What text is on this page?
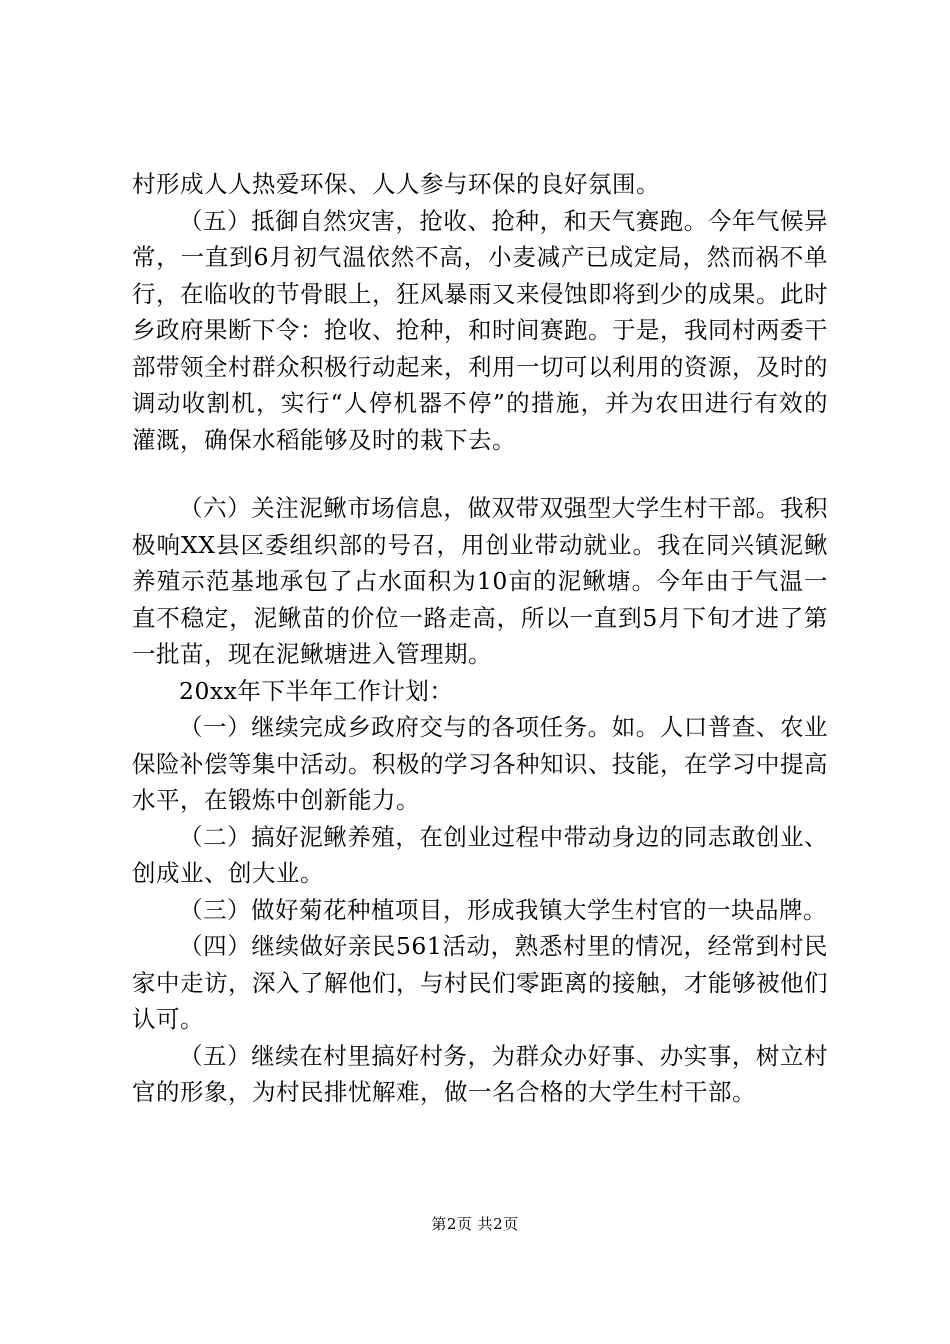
村形成人人热爱环保、人人参与环保的良好氛围。

（五）抵御自然灾害，抢收、抢种，和天气赛跑。今年气候异常，一直到6月初气温依然不高，小麦减产已成定局，然而祸不单行，在临收的节骨眼上，狂风暴雨又来侵蚀即将到少的成果。此时乡政府果断下令：抢收、抢种，和时间赛跑。于是，我同村两委干部带领全村群众积极行动起来，利用一切可以利用的资源，及时的调动收割机，实行“人停机器不停”的措施，并为农田进行有效的灌溉，确保水稻能够及时的栽下去。

（六）关注泥鳅市场信息，做双带双强型大学生村干部。我积极响XX县区委组织部的号召，用创业带动就业。我在同兴镇泥鳅养殖示范基地承包了占水面积为10亩的泥鳅塘。今年由于气温一直不稳定，泥鳅苗的价位一路走高，所以一直到5月下旬才进了第一批苗，现在泥鳅塘进入管理期。

20xx年下半年工作计划：

（一）继续完成乡政府交与的各项任务。如。人口普查、农业保险补偿等集中活动。积极的学习各种知识、技能，在学习中提高水平，在锻炼中创新能力。

（二）搞好泥鳅养殖，在创业过程中带动身边的同志敢创业、创成业、创大业。

（三）做好菊花种植项目，形成我镇大学生村官的一块品牌。

（四）继续做好亲民561活动，熟悉村里的情况，经常到村民家中走访，深入了解他们，与村民们零距离的接触，才能够被他们认可。

（五）继续在村里搞好村务，为群众办好事、办实事，树立村官的形象，为村民排忧解难，做一名合格的大学生村干部。

第2页 共2页
